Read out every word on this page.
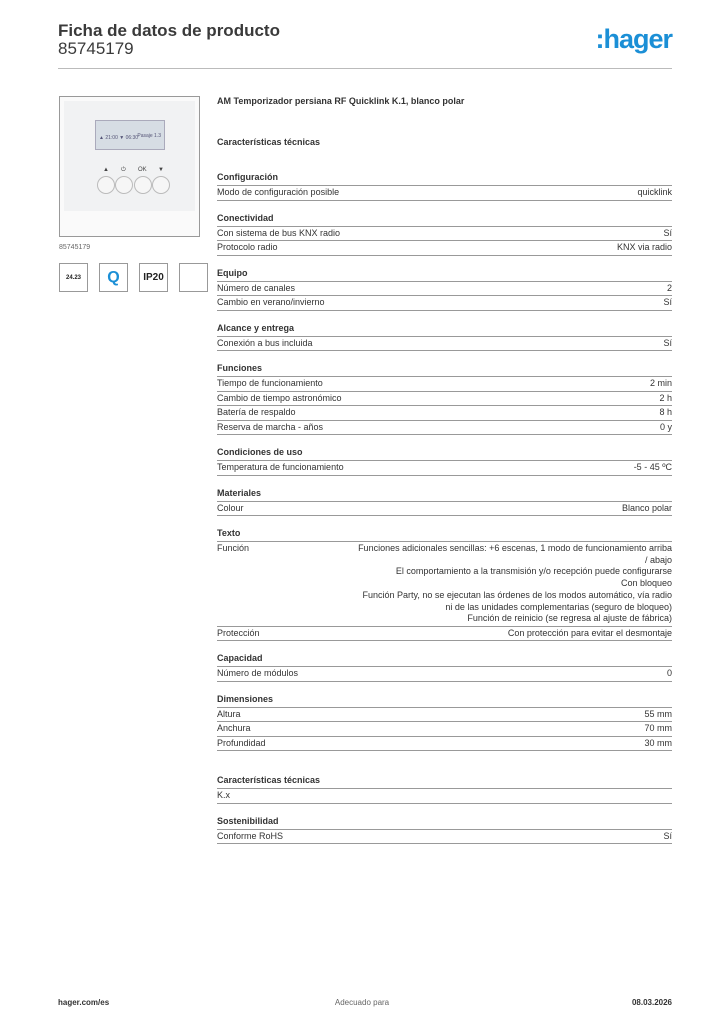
Ficha de datos de producto
85745179	:hager
▲ 21:00 ▼ 06:30 Pasaje 1.3
▲ ⏻ OK ▼
85745179
24.23	Q	IP20
AM Temporizador persiana RF Quicklink K.1, blanco polar
Características técnicas
Configuración
Modo de configuración posible	quicklink
Conectividad
Con sistema de bus KNX radio	Sí
Protocolo radio	KNX via radio
Equipo
Número de canales	2
Cambio en verano/invierno	Sí
Alcance y entrega
Conexión a bus incluida	Sí
Funciones
Tiempo de funcionamiento	2 min
Cambio de tiempo astronómico	2 h
Batería de respaldo	8 h
Reserva de marcha - años	0 y
Condiciones de uso
Temperatura de funcionamiento	-5 - 45 ºC
Materiales
Colour	Blanco polar
Texto
Función	Funciones adicionales sencillas: +6 escenas, 1 modo de funcionamiento arriba / abajo
El comportamiento a la transmisión y/o recepción puede configurarse
Con bloqueo
Función Party, no se ejecutan las órdenes de los modos automático, vía radio ni de las unidades complementarias (seguro de bloqueo)
Función de reinicio (se regresa al ajuste de fábrica)
Protección	Con protección para evitar el desmontaje
Capacidad
Número de módulos	0
Dimensiones
Altura	55 mm
Anchura	70 mm
Profundidad	30 mm
Características técnicas
K.x
Sostenibilidad
Conforme RoHS	Sí
hager.com/es	Adecuado para	08.03.2026
